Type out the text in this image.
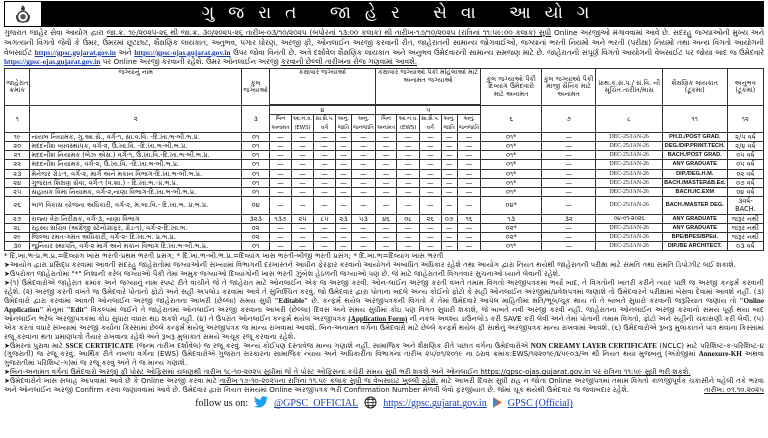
ગુજરાત જાહેર સેવા આયોગ
ગુજરાત જાહેર સેવા આયોગ દ્વારા જા.ક્ર. ૧૯/૨૦૨૫-૨૬ થી જા.ક્ર. ૩૦/૨૦૨૫-૨૬ તારીખ-૦૩/૧૦/૨૦૨૫ (બપોરનાં ૧૩:૦૦ કલાક) થી તારીખ-૧૭/૧૦/૨૦૨૫ (રાત્રિનાં ૧૧:૫૯:૦૦ કલાક) સુધી Online અરજીઓ મંગાવવામાં આવે છે. સદરહુ જગ્યાઓની મુખ્ય અને અગત્યની વિગતો જેવી કે ઉંમર, ઉંમરમાં છૂટછાટ, શૈક્ષણિક લાયકાત, અનુભવ, પગાર ધોરણ, અરજી ફી, ઓનલાઈન અરજી કરવાની રીત, જાહેરાતની સામાન્ય જોગવાઈઓ, જગ્યાનાં ભરતી નિયમો અને ભરતી (પરીક્ષા) નિયમો તથા અન્ય વિગતો આયોગની વેબસાઈટ https://gpsc.gujarat.gov.in અને https://gpsc-ojas.gujarat.gov.in ઉપર જોવા વિનંતી છે. અત્રે દર્શાવેલ શૈક્ષણિક લાયકાત અને અનુભવ ઉમેદવારની સામાન્ય સમજણ માટે છે. જાહેરાતની સંપૂર્ણ વિગતો આયોગની વેબસાઈટ પર જોયા બાદ જ ઉમેદવારે https://gpsc-ojas.gujarat.gov.in પર Online અરજી કરવાની રહેશે. ઉંમર ઓનલાઈન અરજી કરવાની છેલ્લી તારીખના રોજ ગણવામાં આવશે.
જાહેરાત ક્રમાંક	જગ્યાનું નામ	કુલ જગ્યાઓ	કક્ષાવાર જગ્યાઓ					કક્ષાવાર જગ્યાઓ પૈકી મહિલાઓ માટે અનામત જગ્યાઓ					કુલ જગ્યાઓ પૈકી દિવ્યાંગ ઉમેદવારો માટે અનામત	કુલ જગ્યાઓ પૈકી માજી સૈનિક માટે અનામત	પ્રાથ.ક.સ.પ./ સં.વિ. ની સૂચિત તારીખ/માસ	શૈક્ષણિક લાયકાત (ટૂંકમાં)	અનુભવ (ટૂંકમાં)

૧	૨	૩	૪					૫					૬	૭	૮	૧૧	૧૨
			બિન અનામત	આ.ન.વ. (EWS)	સા.શૈ.પ. વર્ગ	અનુ. જાતિ	અનુ. જનજાતિ	બિન અનામત	આ.ન.વ. (EWS)	સા.શૈ.પ. વર્ગ	અનુ. જાતિ	અનુ. જનજાતિ					
૧૯	નાયબ નિયામક, ગુ.આ.સે., વર્ગ-૧, સા.વ.વિ. -દિ.ખા.ભ-બી.ભ.પ્ર.	૦૧	—	—	—	—	—	—	—	—	—	—	૦૧*	—	DEC-25/JAN-26	PH.D./POST GRAD.	૨/૫ વર્ષ
૨૦	મદદનીશ વ્યવસ્થાપક, વર્ગ-૨, ઉ.ખા.વિ. -દિ.ખા.ભ-બી.ભ.પ્ર.	૦૧	—	—	—	—	—	—	—	—	—	—	૦૧*	—	DEC-25/JAN-26	DEG./DIP.PRINT.TECH.	૨/૪ વર્ષ
૨૧	મદદનીશ નિયામક (બેઝ એસ.) વર્ગ-૧, ઉ.ખા.વિ.-દિ.ખા.ભ-બી.ભ.પ્ર.	૦૧	—	—	—	—	—	—	—	—	—	—	૦૧*	—	DEC-25/JAN-26	BACH./POST GRAD.	૦૫ વર્ષ
૨૨	મદદનીશ નિયામક, વર્ગ-૨, ઉ.ખા.વિ. -દિ.ખા.ભ-બી.ભ.પ્ર.	૦૧	—	—	—	—	—	—	—	—	—	—	૦૧*	—	DEC-25/JAN-26	ANY GRADUATE	૦૫ વર્ષ
૨૩	મેનેજર ગ્રેડ-૧, વર્ગ-૨, માર્ગ અને મકાન વિભાગ-દિ.ખા.ભ-બી.ભ.પ્ર.	૦૧	—	—	—	—	—	—	—	—	—	—	૦૧*	—	DEC-25/JAN-26	DIP./DEG.H.M.	૦૨ વર્ષ
૨૪	ગુજરાત શિક્ષણ સેવા, વર્ગ-૧ (વ.શા.) - દિ.ખા.ભ.-પ્ર.ભ.પ્ર.	૦૧	—	—	—	—	—	—	—	—	—	—	૦૧*	—	DEC-25/JAN-26	BACH./MASTER&B.Ed.	૦૭ વર્ષ
૨૫	સહાયક વિમા નિયામક, વર્ગ-૨,નાણા વિભાગ-દિ.ખા.ભ-બી.ભ.પ્ર.	૦૧	—	—	—	—	—	—	—	—	—	—	૦૧*	—	DEC-25/JAN-26	BACH./IC.EXM	૦૪ વર્ષ
૨૬	બાળ વિકાસ યોજના અધિકારી, વર્ગ-૨, મ.બા.વિ.- દિ.ખા.ભ. પ્ર.ભ.પ્ર.	૦૪	—	—	—	—	—	—	—	—	—	—	૦૪*	—	DEC-25/JAN-26	BACH./MASTER DEG.	૩વર્ષ-BACH.
૨૭	રાજ્ય વેરા નિરીક્ષક, વર્ગ-૩, નાણા વિભાગ	૩૨૩	૧૩૭	૨૫	૮૫	૨૩	૫૩	૪૬	૦૮	૨૬	૦૭	૧૬	૧૩	૩૨	૦૪-૦૧-૨૦૨૬	ANY GRADUATE	જરૂર નથી
૨૮	રહસ્ય સચિવ (અંગ્રેજી સ્ટેનોગ્રાફર, ગ્રેડ-૧), વર્ગ-૨-દિ.ખા.ભ.	૦૨	—	—	—	—	—	—	—	—	—	—	૦૨*	—	DEC-25/JAN-26	ANY GRADUATE	જરૂર નથી
૨૯	જિલ્લા રમત-ગમત અધિકારી, વર્ગ-૨- દિ.ખા.ભ. પ્ર.ભ.પ્ર.	૦૨	—	—	—	—	—	—	—	—	—	—	૦૨*	—	DEC-25/JAN-26	BPE/BPES/BPEd.	જરૂર નથી
૩૦	જુનિયર સ્થાપતિ, વર્ગ-૨ માર્ગ અને મકાન વિભાગ દિ.ખા.ભ-બી.ભ.પ્ર.	૦૧	—	—	—	—	—	—	—	—	—	—	૦૧*	—	DEC-25/JAN-26	DIP./BE ARCHITECT.	૦૩ વર્ષ

* દિ.ખા.ભ-પ્ર.ભ.પ્ર.=દિવ્યાંગ ખાસ ભરતી-પ્રથમ ભરતી પ્રસંગ; * દિ.ખા.ભ-બી.ભ.પ્ર.=દિવ્યાંગ ખાસ ભરતી-બીજી ભરતી પ્રસંગ; * દિ.ખા.ભ=દિવ્યાંગ ખાસ ભરતી

➤આયોગ દ્વારા પ્રસિદ્ધ કરવામાં આવતી સદરહુ જાહેરાતોમાં જગ્યાઓની સંખ્યામાં વિભાગની દરખાસ્તને આધીન ફેરફાર કરવાનો આયોગને અબાધિત અધિકાર રહેશે તથા આયોગ દ્વારા નિયત થયેથી જાહેરાતની પરીક્ષા માટે સંમતિ તથા સંમતિ ડિપોઝીટ લઈ શકાશે.

➤ઉપરોક્ત જાહેરાતોમાં "*" નિશાની કરેલ જગ્યાઓ પૈકી તેમાં અમુક જગ્યાઓ દિવ્યાંગોની ખાસ ભરતી ઝુંબેશ હેઠળની જગ્યાઓ પણ છે. જે માટે જાહેરાતની વિગતવાર સુચનાઓ ધ્યાને લેવાની રહેશે.

➤(૧) ઉમેદવારોએ જાહેરાત ક્રમાંક અને જગ્યાનું નામ સ્પષ્ટ રીતે વાંચીને જે તે જાહેરાત માટે ઓનલાઈન એક જ અરજી કરવી. ઓન-લાઈન અરજી કરતી વખતે તમામ વિગતો અરજીપત્રકમાં ભર્યા બાદ, તે વિગતોની ખાતરી કરીને ત્યાર પછી જ અરજી કન્ફર્મ કરવાની રહેશે. (૨) અરજી કરતી વખતે જ ઉમેદવારે પોતાનો ફોટો અને સહી અપલોડ કરવામાં આવે તે સુનિશ્ચિત કરવું. જો ઉમેદવાર દ્વારા પોતાના બદલે અન્ય કોઈનો ફોટો કે સહી ઓનલાઈન અરજીમાં/પ્રવેશપત્રમાં જણાશે તો ઉમેદવારને પરીક્ષામાં બેસવા દેવામાં આવશે નહીં. (૩) ઉમેદવારો દ્વારા કરવામાં આવતી ઓનલાઈન અરજી જાહેરાતના આખરી (છેલ્લા) સમય સુધી "Editable" છે. કન્ફર્મ થયેલ અરજીપત્રકની વિગતો કે તેમાં ઉમેદવારે આપેલ માહિતીમાં ક્ષતિ/ભૂલ/ચૂક થાય તો તે બાબતે સુધારો કરવાની જરૂરિયાત જણાય તો "Online Application" મેનુમાં "Edit" વિકલ્પમાં જઈને તે જાહેરાતમાં ઓનલાઈન અરજી કરવાના આખરી (છેલ્લા) દિવસ અને સમય સુધીમાં કોઇ પણ વિગત સુધારી શકાશે, જે બાબતે નવી અરજી કરવી નહીં. જાહેરાતના ઓનલાઈન અરજી કરવાનો સમય પૂર્ણ થયા બાદ ઓનલાઈન ભરેલ અરજીપત્રકમાં કોઇ સુધારા વધારા થઇ શકશે નહીં. (૪) તે ઉપરાંત ઓનલાઈન કન્ફર્મ થયેલ અરજીપત્રક (Application Form) ની નકલ અવશ્ય ડાઉનલોડ કરી SAVE કરી લેવી અને તેમાં પોતાની તમામ વિગતો, ફોટો અને સહીની ચકાસણી કરી લેવી. (૫) એક કરતાં વધારે સંખ્યામાં અરજી કર્યાના કિસ્સામાં છેલ્લે કન્ફર્મ થયેલુ અરજીપત્રક જ માન્ય રાખવામાં આવશે. બિન-અનામત વર્ગના ઉમેદવારો માટે છેલ્લે કન્ફર્મ થયેલ ફી સાથેનું અરજીપત્રક માન્ય રાખવામાં આવશે. (૬) ઉમેદવારોએ રૂબરૂ મુલાકાતને પાત્ર થવાના કિસ્સામાં રજૂ કરવાના થતા પ્રમાણપત્રો તૈયાર રાખવાના રહેશે અને રૂબરૂ મુલાકાત સમયે અચૂક રજૂ કરવાના રહેશે.

➤ઉંમરનાં પુરાવા માટે SSCE CERTIFICATE (જન્મ તારીખ દર્શાવેલ) જ રજૂ કરવું. અન્ય કોઈપણ દસ્તાવેજ માન્ય ગણાશે નહીં. સામાજિક અને શૈક્ષણિક રીતે પછાત વર્ગના ઉમેદવારોએ NON CREAMY LAYER CERTIFICATE (NCLC) માટે પરિશિષ્ટ-ક-પરિશિષ્ટ-૪ (ગુજરાતી) જ રજૂ કરવું. આર્થિક રીતે નબળા વર્ગના (EWS) ઉમેદવારોએ ગુજરાત સરકારના સામાજિક ન્યાય અને અધિકારીતા વિભાગના તારીખ ૨૫/૦૧/૨૦૧૯ ના ઠરાવ ક્રમાંક:EWS/૧૨૨૦૧૯/૪૫૯૦૩/અ થી નિયત થયા મુજબનું (અંગ્રેજીમાં Annexure-KH અથવા ગુજરાતીમાં પરિશિષ્ટ-ગ)માં જ રજૂ કરવું અને તે જ માન્ય ગણાશે.

➤બિન-અનામત વર્ગનાં ઉમેદવારો અરજી ફી પોસ્ટ ઓફિસમાં ચલણથી તારીખ ૧૮-૧૦-૨૦૨૫ સુધીમાં જે તે પોસ્ટ ઓફિસનાં કચેરી સમય સુધી ભરી શકશે અને ઓનલાઈન https://gpsc-ojas.gujarat.gov.in પર રાત્રિના ૧૧:૫૯ સુધી ભરી શકશે.

➤ઉમેદવારોને ખાસ સલાહ આપવામાં આવે છે કે Online અરજી કરવા માટે તારીખ ૧૭-૧૦-૨૦૨૫ના રાત્રિનાં ૧૧.૫૯ કલાક સુધી જ વેબસાઇટ ખુલ્લી રહેશે. માટે આખરી દિવસ સુધી રાહ ન જોતા Online અરજીપત્રમાં તમામ વિગતો કાળજીપૂર્વક ચકાસીને વહેલી તકે ભરવા અને ઓનલાઈન અરજી Confirm કરવા જણાવવામાં આવે છે. ઉમેદવાર દ્વારા નિયત સમયમાં Online અરજીપત્રક ભરી Confirmation Number મેળવી લેવો ફરજીયાત છે. જેમાં ચૂક થયેથી ઉમેદવાર જ જવાબદાર રહેશે.	તારીખ: ૦૧.૧૦.૨૦૨૫

follow us on:	@GPSC_OFFICIAL	https://gpsc.gujarat.gov.in GPSC (Official)
